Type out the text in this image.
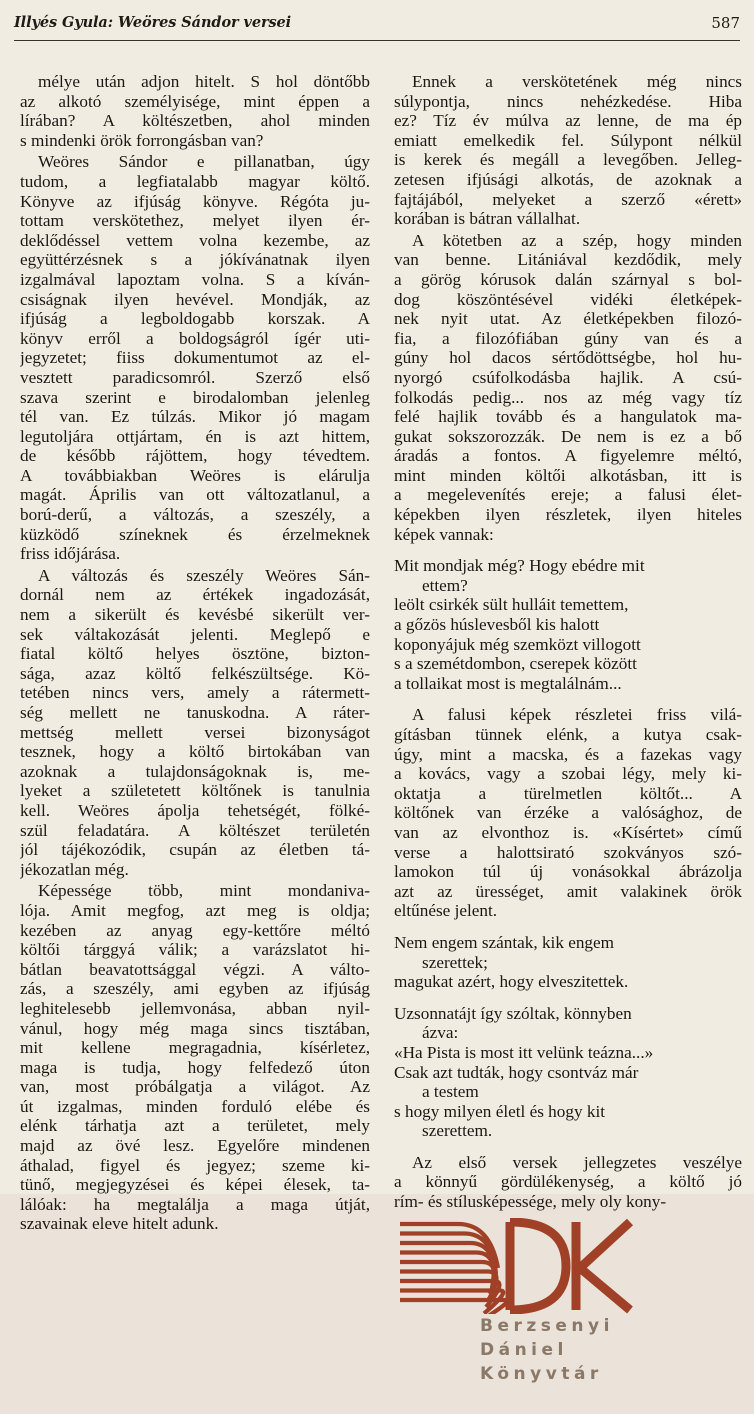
Illyés Gyula: Weöres Sándor versei	587
mélye után adjon hitelt. S hol döntőbb
az alkotó személyisége, mint éppen a
lírában? A költészetben, ahol minden
s mindenki örök forrongásban van?
Weöres Sándor e pillanatban, úgy
tudom, a legfiatalabb magyar költő.
Könyve az ifjúság könyve. Régóta ju-
tottam verskötethez, melyet ilyen ér-
deklődéssel vettem volna kezembe, az
együttérzésnek s a jókívánatnak ilyen
izgalmával lapoztam volna. S a kíván-
csiságnak ilyen hevével. Mondják, az
ifjúság a legboldogabb korszak. A
könyv erről a boldogságról ígér uti-
jegyzetet; fiiss dokumentumot az el-
vesztett paradicsomról. Szerző első
szava szerint e birodalomban jelenleg
tél van. Ez túlzás. Mikor jó magam
legutoljára ottjártam, én is azt hittem,
de később rájöttem, hogy tévedtem.
A továbbiakban Weöres is elárulja
magát. Április van ott változatlanul, a
ború-derű, a változás, a szeszély, a
küzködő színeknek és érzelmeknek
friss időjárása.
A változás és szeszély Weöres Sán-
dornál nem az értékek ingadozását,
nem a sikerült és kevésbé sikerült ver-
sek váltakozását jelenti. Meglepő e
fiatal költő helyes ösztöne, bizton-
sága, azaz költő felkészültsége. Kö-
tetében nincs vers, amely a rátermett-
ség mellett ne tanuskodna. A ráter-
mettség mellett versei bizonyságot
tesznek, hogy a költő birtokában van
azoknak a tulajdonságoknak is, me-
lyeket a születetett költőnek is tanulnia
kell. Weöres ápolja tehetségét, fölké-
szül feladatára. A költészet területén
jól tájékozódik, csupán az életben tá-
jékozatlan még.
Képessége több, mint mondaniva-
lója. Amit megfog, azt meg is oldja;
kezében az anyag egy-kettőre méltó
költői tárggyá válik; a varázslatot hi-
bátlan beavatottsággal végzi. A válto-
zás, a szeszély, ami egyben az ifjúság
leghitelesebb jellemvonása, abban nyil-
vánul, hogy még maga sincs tisztában,
mit kellene megragadnia, kísérletez,
maga is tudja, hogy felfedező úton
van, most próbálgatja a világot. Az
út izgalmas, minden forduló elébe és
elénk tárhatja azt a területet, mely
majd az övé lesz. Egyelőre mindenen
áthalad, figyel és jegyez; szeme ki-
tünő, megjegyzései és képei élesek, ta-
lálóak: ha megtalálja a maga útját,
szavainak eleve hitelt adunk.
Ennek a verskötetének még nincs
súlypontja, nincs nehézkedése. Hiba
ez? Tíz év múlva az lenne, de ma ép
emiatt emelkedik fel. Súlypont nélkül
is kerek és megáll a levegőben. Jelleg-
zetesen ifjúsági alkotás, de azoknak a
fajtájából, melyeket a szerző «érett»
korában is bátran vállalhat.
A kötetben az a szép, hogy minden
van benne. Litániával kezdődik, mely
a görög kórusok dalán szárnyal s bol-
dog köszöntésével vidéki életképek-
nek nyit utat. Az életképekben filozó-
fia, a filozófiában gúny van és a
gúny hol dacos sértődöttségbe, hol hu-
nyorgó csúfolkodásba hajlik. A csú-
folkodás pedig... nos az még vagy tíz
felé hajlik tovább és a hangulatok ma-
gukat sokszorozzák. De nem is ez a bő
áradás a fontos. A figyelemre méltó,
mint minden költői alkotásban, itt is
a megelevenítés ereje; a falusi élet-
képekben ilyen részletek, ilyen hiteles
képek vannak:
Mit mondjak még? Hogy ebédre mit
ettem?
leölt csirkék sült hulláit temettem,
a gőzös húslevesből kis halott
koponyájuk még szemközt villogott
s a szemétdombon, cserepek között
a tollaikat most is megtalálnám...
A falusi képek részletei friss vilá-
gításban tünnek elénk, a kutya csak-
úgy, mint a macska, és a fazekas vagy
a kovács, vagy a szobai légy, mely ki-
oktatja a türelmetlen költőt... A
költőnek van érzéke a valósághoz, de
van az elvonthoz is. «Kísértet» című
verse a halottsirató szokványos szó-
lamokon túl új vonásokkal ábrázolja
azt az ürességet, amit valakinek örök
eltűnése jelent.
Nem engem szántak, kik engem
szerettek;
magukat azért, hogy elveszitettek.
Uzsonnatájt így szóltak, könnyben
ázva:
«Ha Pista is most itt velünk teázna...»
Csak azt tudták, hogy csontváz már
a testem
s hogy milyen életl és hogy kit
szerettem.
Az első versek jellegzetes veszélye
a könnyű gördülékenység, a költő jó
rím- és stílusképessége, mely oly kony-
Berzsenyi
Dániel
Könyvtár
